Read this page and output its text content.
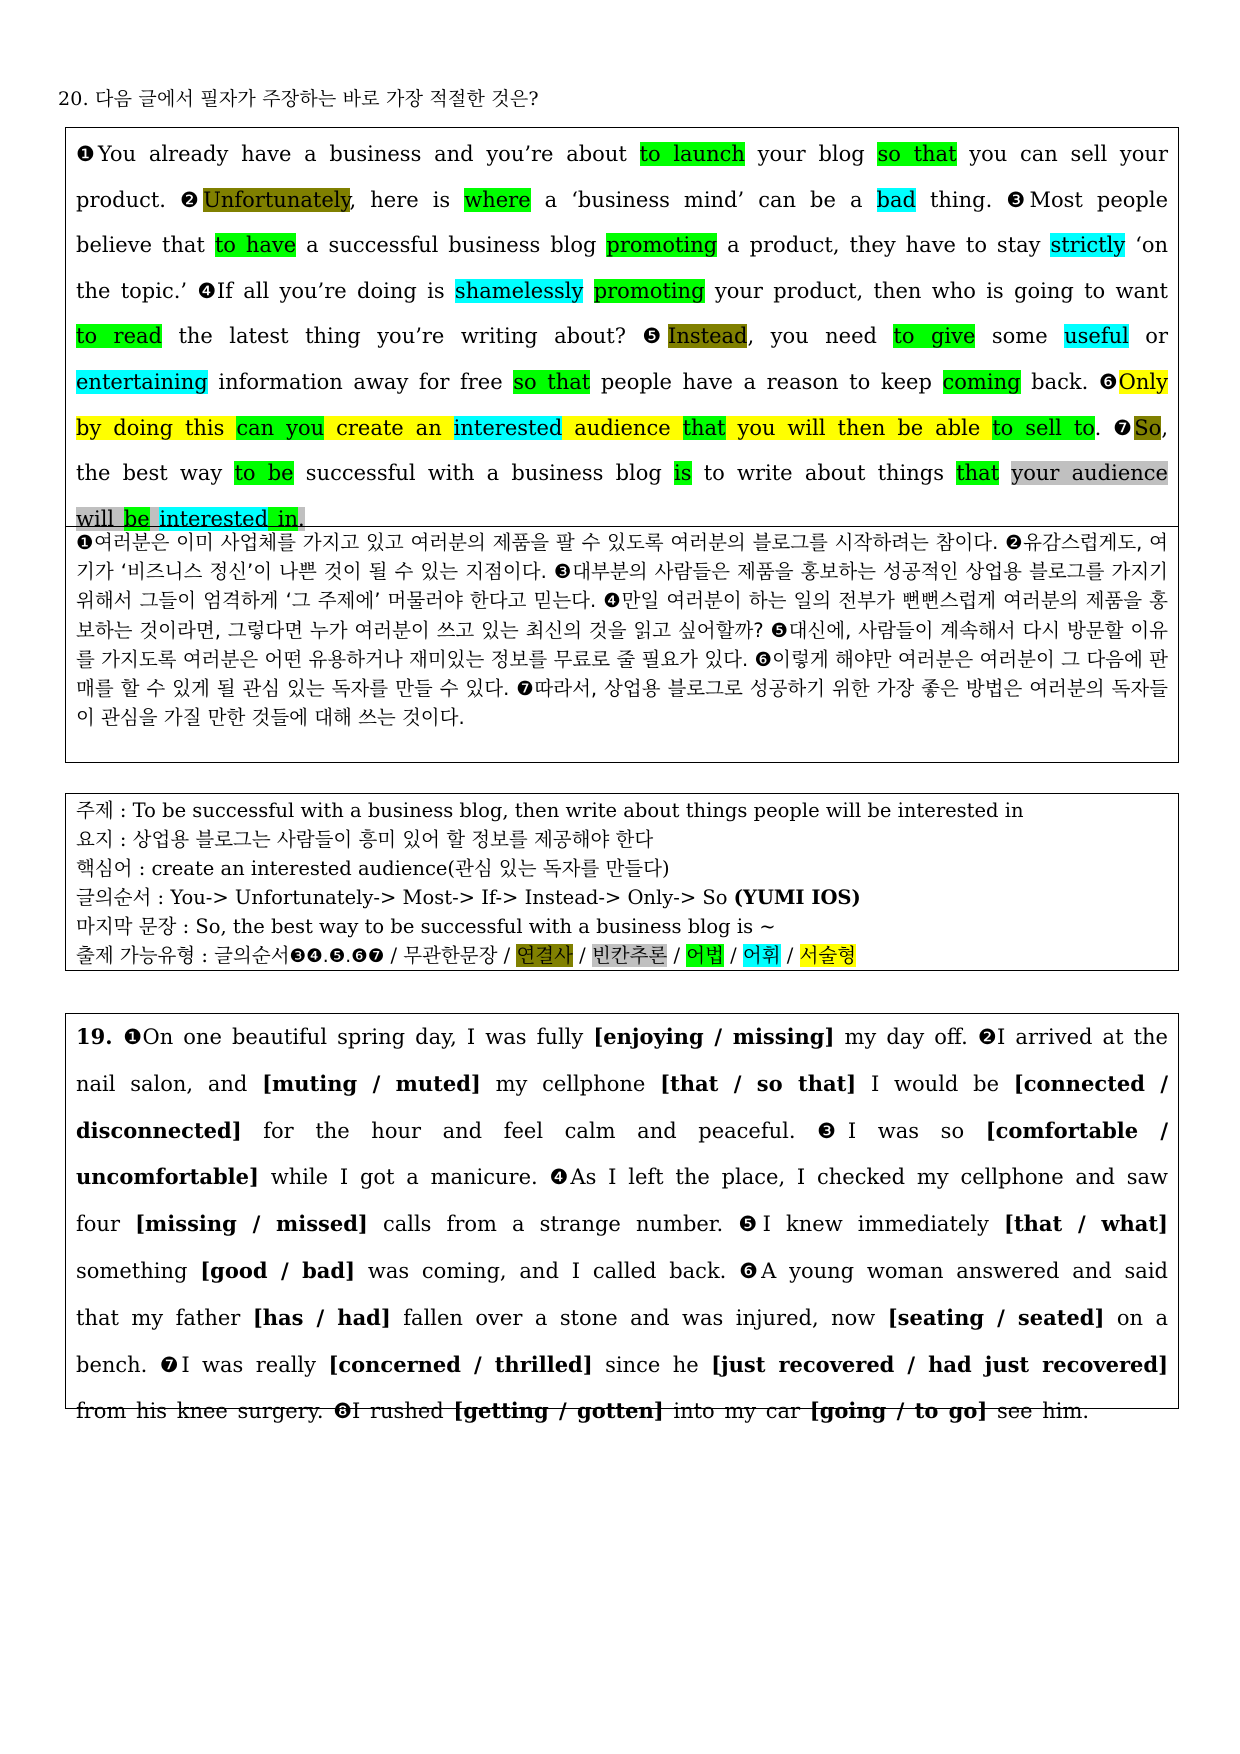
20. 다음 글에서 필자가 주장하는 바로 가장 적절한 것은?
❶You already have a business and you’re about to launch your blog so that you can sell your product. ❷Unfortunately, here is where a ‘business mind’ can be a bad thing. ❸Most people believe that to have a successful business blog promoting a product, they have to stay strictly ‘on the topic.’ ❹If all you’re doing is shamelessly promoting your product, then who is going to want to read the latest thing you’re writing about? ❺Instead, you need to give some useful or entertaining information away for free so that people have a reason to keep coming back. ❻Only by doing this can you create an interested audience that you will then be able to sell to. ❼So, the best way to be successful with a business blog is to write about things that your audience will be interested in.
❶여러분은 이미 사업체를 가지고 있고 여러분의 제품을 팔 수 있도록 여러분의 블로그를 시작하려는 참이다. ❷유감스럽게도, 여기가 ‘비즈니스 정신’이 나쁜 것이 될 수 있는 지점이다. ❸대부분의 사람들은 제품을 홍보하는 성공적인 상업용 블로그를 가지기 위해서 그들이 엄격하게 ‘그 주제에’ 머물러야 한다고 믿는다. ❹만일 여러분이 하는 일의 전부가 뻔뻔스럽게 여러분의 제품을 홍보하는 것이라면, 그렇다면 누가 여러분이 쓰고 있는 최신의 것을 읽고 싶어할까? ❺대신에, 사람들이 계속해서 다시 방문할 이유를 가지도록 여러분은 어떤 유용하거나 재미있는 정보를 무료로 줄 필요가 있다. ❻이렇게 해야만 여러분은 여러분이 그 다음에 판매를 할 수 있게 될 관심 있는 독자를 만들 수 있다. ❼따라서, 상업용 블로그로 성공하기 위한 가장 좋은 방법은 여러분의 독자들이 관심을 가질 만한 것들에 대해 쓰는 것이다.
주제 : To be successful with a business blog, then write about things people will be interested in
요지 : 상업용 블로그는 사람들이 흥미 있어 할 정보를 제공해야 한다
핵심어 : create an interested audience(관심 있는 독자를 만들다)
글의순서 : You-> Unfortunately-> Most-> If-> Instead-> Only-> So (YUMI IOS)
마지막 문장 : So, the best way to be successful with a business blog is ~
출제 가능유형 : 글의순서❸❹.❺.❻❼ / 무관한문장 / 연결사 / 빈칸추론 / 어법 / 어휘 / 서술형
19. ❶On one beautiful spring day, I was fully [enjoying / missing] my day off. ❷I arrived at the nail salon, and [muting / muted] my cellphone [that / so that] I would be [connected / disconnected] for the hour and feel calm and peaceful. ❸I was so [comfortable / uncomfortable] while I got a manicure. ❹As I left the place, I checked my cellphone and saw four [missing / missed] calls from a strange number. ❺I knew immediately [that / what] something [good / bad] was coming, and I called back. ❻A young woman answered and said that my father [has / had] fallen over a stone and was injured, now [seating / seated] on a bench. ❼I was really [concerned / thrilled] since he [just recovered / had just recovered] from his knee surgery. ❽I rushed [getting / gotten] into my car [going / to go] see him.
